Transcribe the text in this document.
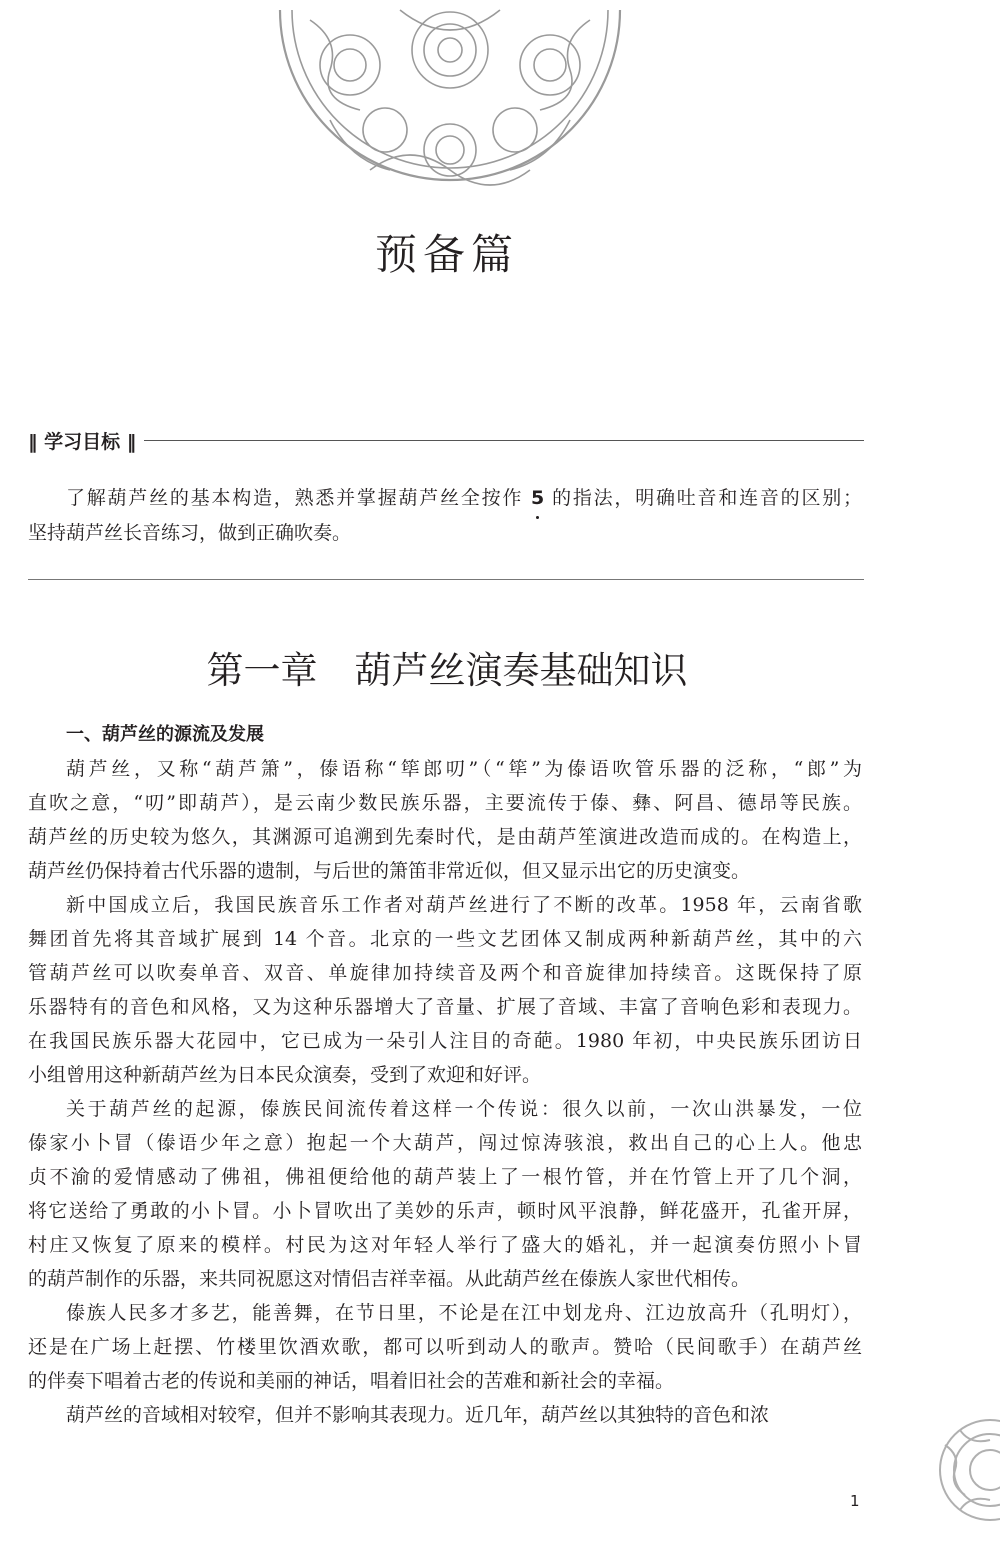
预备篇
‖ 学习目标 ‖
了解葫芦丝的基本构造，熟悉并掌握葫芦丝全按作 5 的指法，明确吐音和连音的区别；
坚持葫芦丝长音练习，做到正确吹奏。
第一章　葫芦丝演奏基础知识
一、葫芦丝的源流及发展
葫芦丝，又称“葫芦箫”，傣语称“筚郎叨”（“筚”为傣语吹管乐器的泛称，“郎”为
直吹之意，“叨”即葫芦），是云南少数民族乐器，主要流传于傣、彝、阿昌、德昂等民族。
葫芦丝的历史较为悠久，其渊源可追溯到先秦时代，是由葫芦笙演进改造而成的。在构造上，
葫芦丝仍保持着古代乐器的遗制，与后世的箫笛非常近似，但又显示出它的历史演变。
新中国成立后，我国民族音乐工作者对葫芦丝进行了不断的改革。1958 年，云南省歌
舞团首先将其音域扩展到 14 个音。北京的一些文艺团体又制成两种新葫芦丝，其中的六
管葫芦丝可以吹奏单音、双音、单旋律加持续音及两个和音旋律加持续音。这既保持了原
乐器特有的音色和风格，又为这种乐器增大了音量、扩展了音域、丰富了音响色彩和表现力。
在我国民族乐器大花园中，它已成为一朵引人注目的奇葩。1980 年初，中央民族乐团访日
小组曾用这种新葫芦丝为日本民众演奏，受到了欢迎和好评。
关于葫芦丝的起源，傣族民间流传着这样一个传说：很久以前，一次山洪暴发，一位
傣家小卜冒（傣语少年之意）抱起一个大葫芦，闯过惊涛骇浪，救出自己的心上人。他忠
贞不渝的爱情感动了佛祖，佛祖便给他的葫芦装上了一根竹管，并在竹管上开了几个洞，
将它送给了勇敢的小卜冒。小卜冒吹出了美妙的乐声，顿时风平浪静，鲜花盛开，孔雀开屏，
村庄又恢复了原来的模样。村民为这对年轻人举行了盛大的婚礼，并一起演奏仿照小卜冒
的葫芦制作的乐器，来共同祝愿这对情侣吉祥幸福。从此葫芦丝在傣族人家世代相传。
傣族人民多才多艺，能善舞，在节日里，不论是在江中划龙舟、江边放高升（孔明灯），
还是在广场上赶摆、竹楼里饮酒欢歌，都可以听到动人的歌声。赞哈（民间歌手）在葫芦丝
的伴奏下唱着古老的传说和美丽的神话，唱着旧社会的苦难和新社会的幸福。
葫芦丝的音域相对较窄，但并不影响其表现力。近几年，葫芦丝以其独特的音色和浓
1
